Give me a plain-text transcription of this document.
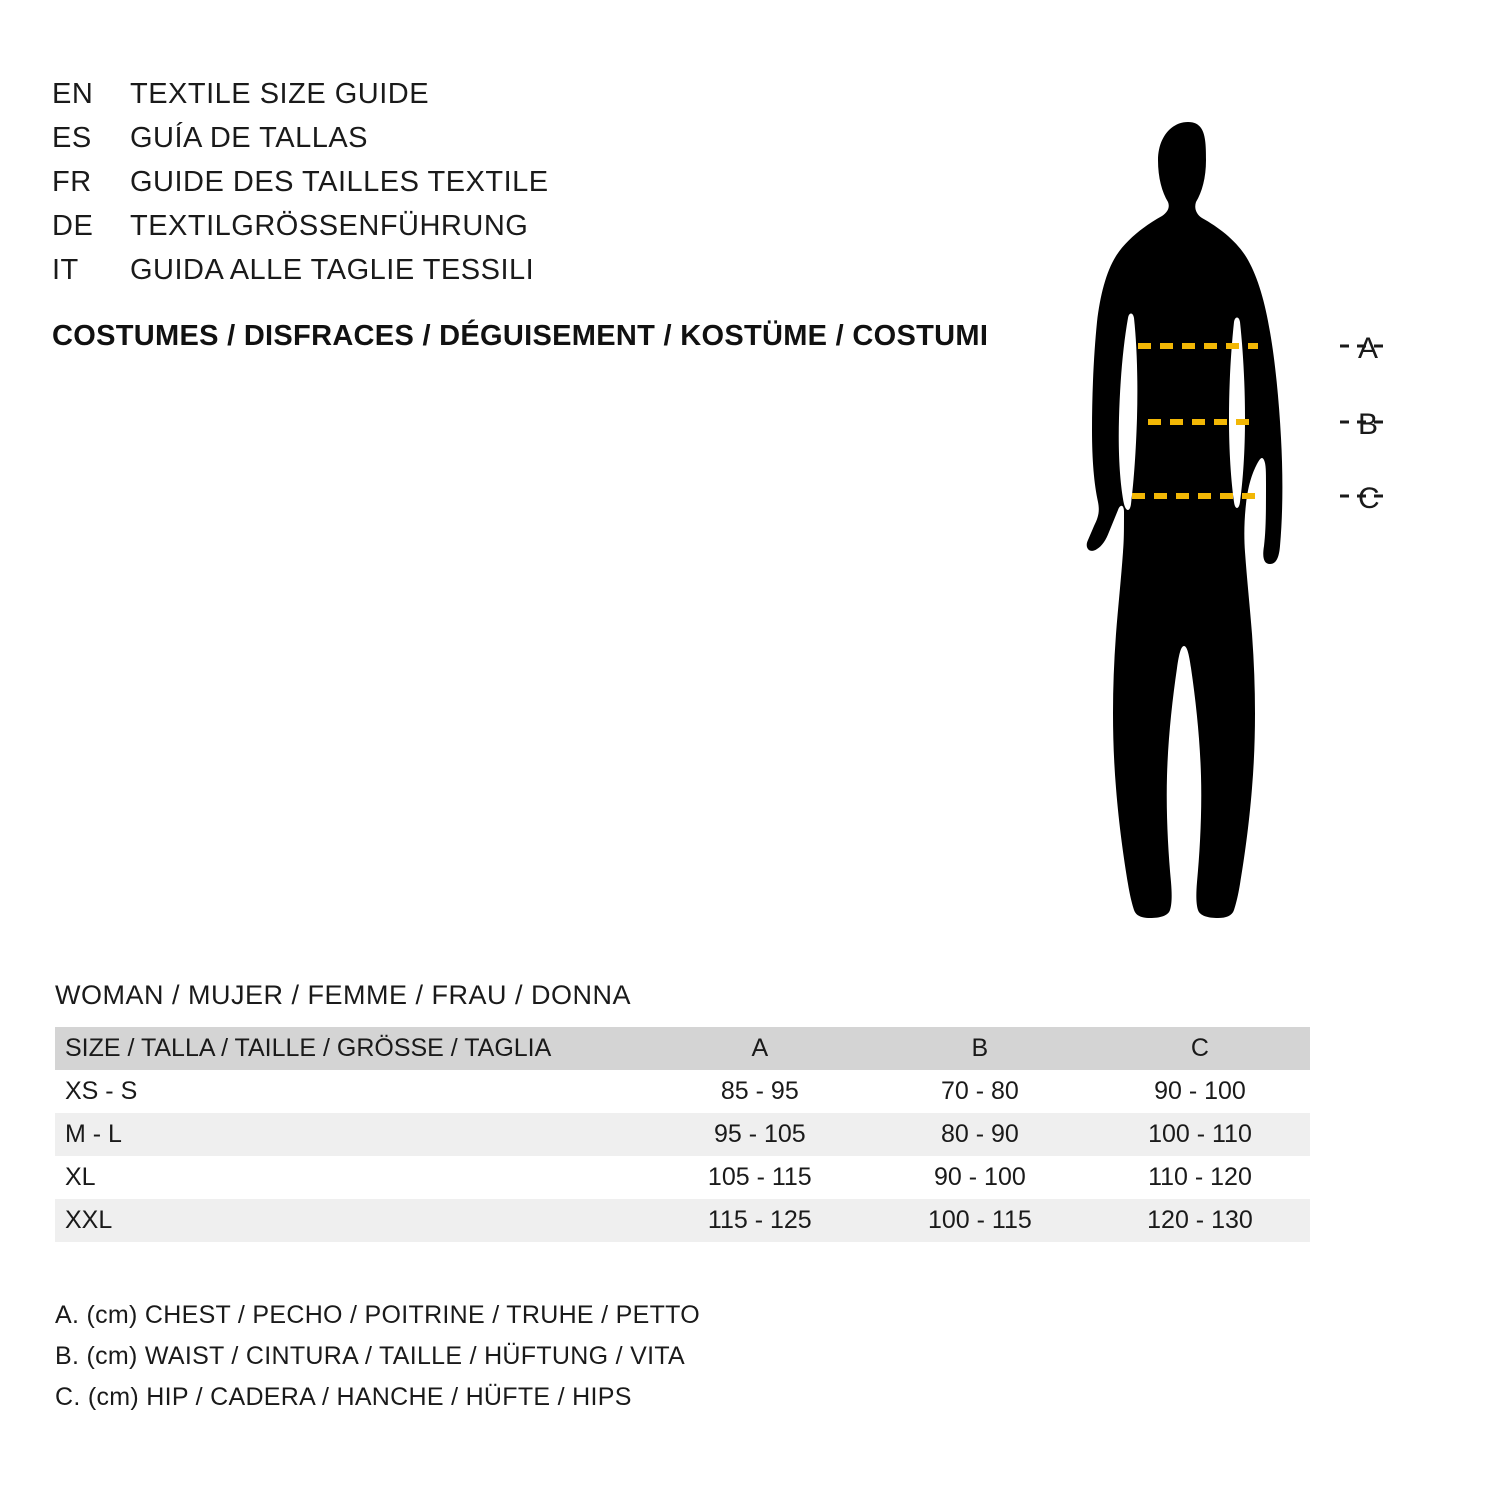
EN	TEXTILE SIZE GUIDE
ES	GUÍA DE TALLAS
FR	GUIDE DES TAILLES TEXTILE
DE	TEXTILGRÖSSENFÜHRUNG
IT	GUIDA ALLE TAGLIE TESSILI
COSTUMES / DISFRACES / DÉGUISEMENT / KOSTÜME / COSTUMI	A
B
C
WOMAN / MUJER / FEMME / FRAU / DONNA
SIZE / TALLA / TAILLE / GRÖSSE / TAGLIA	A	B	C
XS - S	85 - 95	70 - 80	90 - 100
M - L	95 - 105	80 - 90	100 - 110
XL	105 - 115	90 - 100	110 - 120
XXL	115 - 125	100 - 115	120 - 130
A. (cm) CHEST / PECHO / POITRINE / TRUHE / PETTO
B. (cm) WAIST / CINTURA / TAILLE / HÜFTUNG / VITA
C. (cm) HIP / CADERA / HANCHE / HÜFTE / HIPS
